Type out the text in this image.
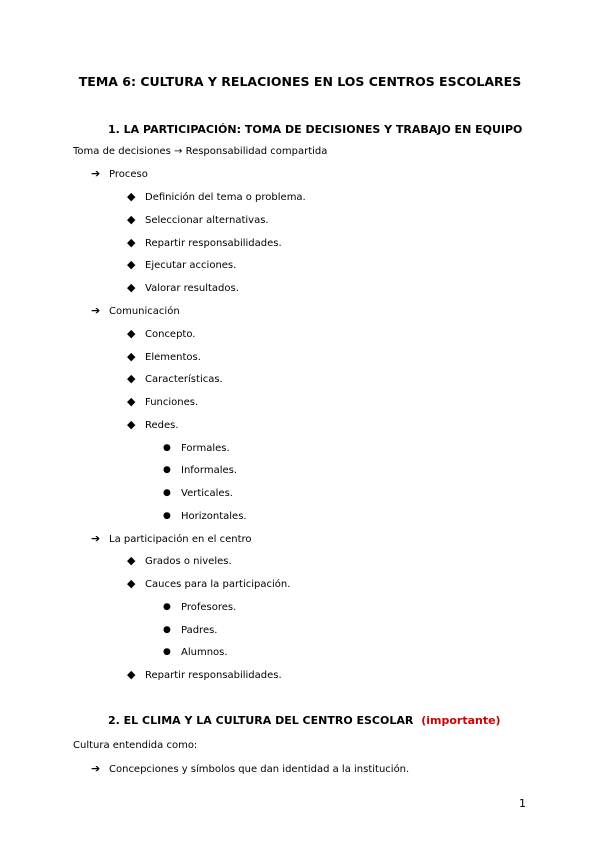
TEMA 6: CULTURA Y RELACIONES EN LOS CENTROS ESCOLARES
1. LA PARTICIPACIÓN: TOMA DE DECISIONES Y TRABAJO EN EQUIPO
Toma de decisiones → Responsabilidad compartida
➔ Proceso
◆ Definición del tema o problema.
◆ Seleccionar alternativas.
◆ Repartir responsabilidades.
◆ Ejecutar acciones.
◆ Valorar resultados.
➔ Comunicación
◆ Concepto.
◆ Elementos.
◆ Características.
◆ Funciones.
◆ Redes.
● Formales.
● Informales.
● Verticales.
● Horizontales.
➔ La participación en el centro
◆ Grados o niveles.
◆ Cauces para la participación.
● Profesores.
● Padres.
● Alumnos.
◆ Repartir responsabilidades.
2. EL CLIMA Y LA CULTURA DEL CENTRO ESCOLAR (importante)
Cultura entendida como:
➔ Concepciones y símbolos que dan identidad a la institución.
1
